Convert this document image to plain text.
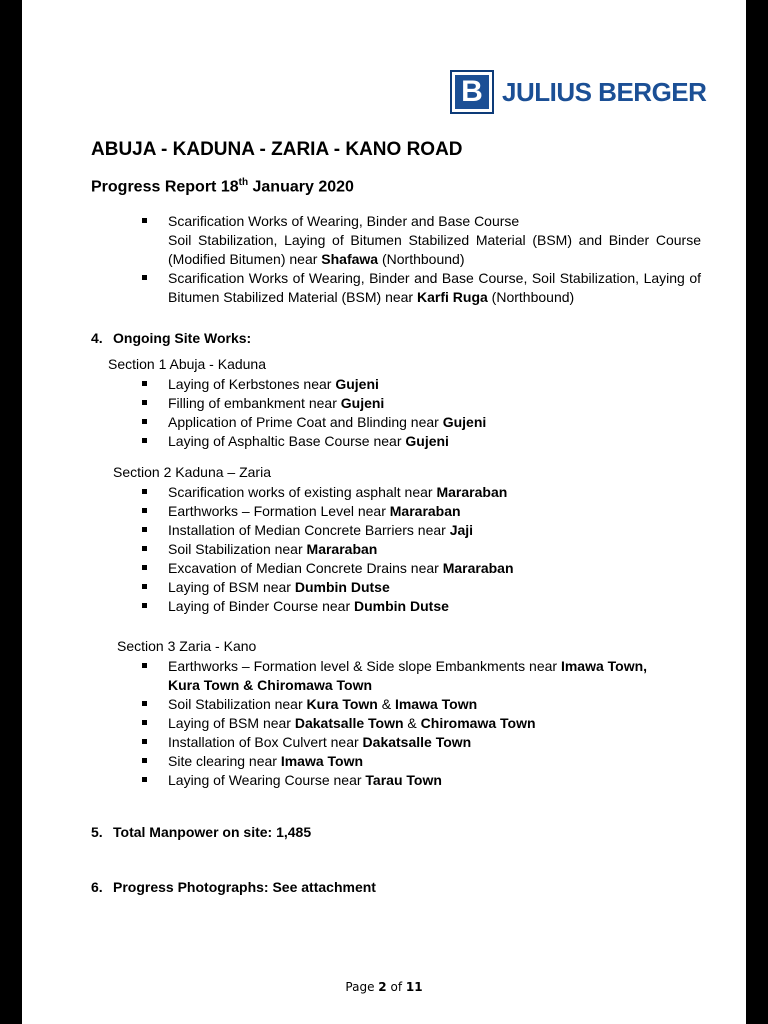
B JULIUS BERGER
ABUJA - KADUNA - ZARIA - KANO ROAD
Progress Report 18th January 2020
Scarification Works of Wearing, Binder and Base Course
Soil Stabilization, Laying of Bitumen Stabilized Material (BSM) and Binder Course (Modified Bitumen) near Shafawa (Northbound)
Scarification Works of Wearing, Binder and Base Course, Soil Stabilization, Laying of Bitumen Stabilized Material (BSM) near Karfi Ruga (Northbound)

4. Ongoing Site Works:

Section 1 Abuja - Kaduna

Laying of Kerbstones near Gujeni
Filling of embankment near Gujeni
Application of Prime Coat and Blinding near Gujeni
Laying of Asphaltic Base Course near Gujeni

Section 2 Kaduna – Zaria

Scarification works of existing asphalt near Mararaban
Earthworks – Formation Level near Mararaban
Installation of Median Concrete Barriers near Jaji
Soil Stabilization near Mararaban
Excavation of Median Concrete Drains near Mararaban
Laying of BSM near Dumbin Dutse
Laying of Binder Course near Dumbin Dutse

Section 3 Zaria - Kano

Earthworks – Formation level & Side slope Embankments near Imawa Town, Kura Town & Chiromawa Town
Soil Stabilization near Kura Town & Imawa Town
Laying of BSM near Dakatsalle Town & Chiromawa Town
Installation of Box Culvert near Dakatsalle Town
Site clearing near Imawa Town
Laying of Wearing Course near Tarau Town

5. Total Manpower on site: 1,485

6. Progress Photographs: See attachment

Page 2 of 11
